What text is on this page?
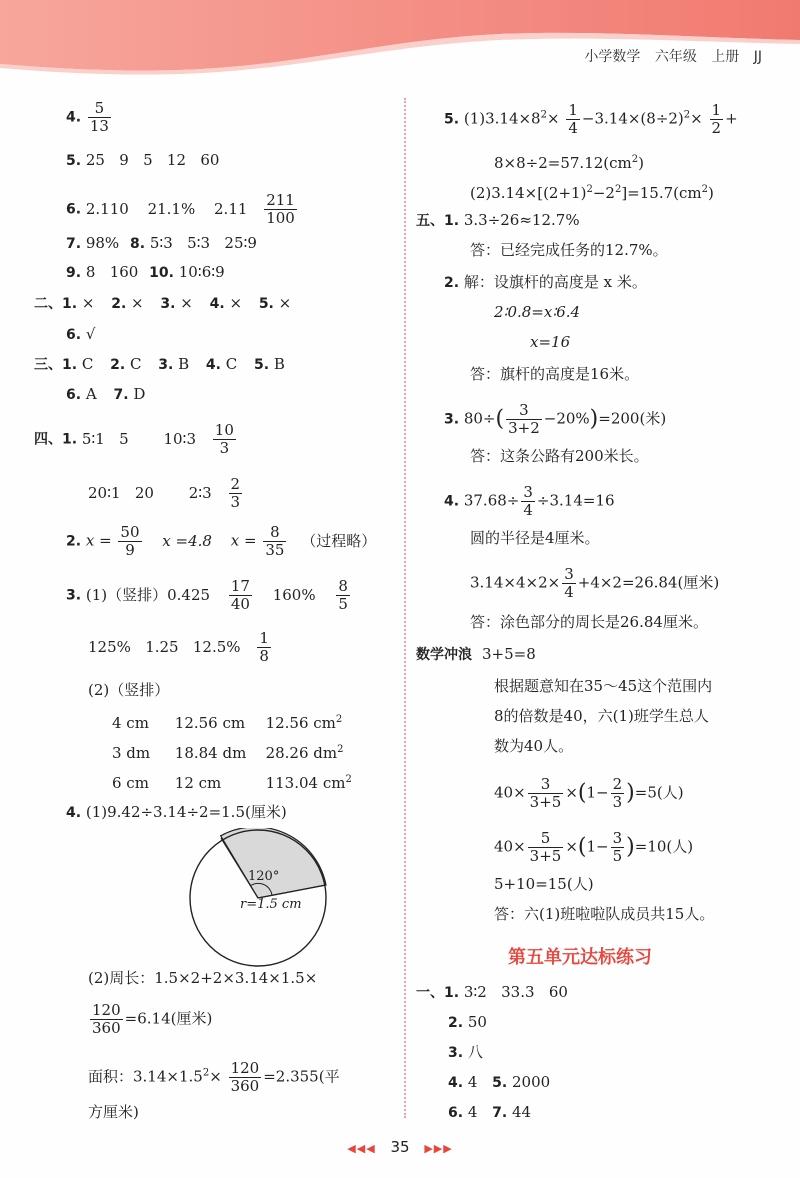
小学数学 六年级 上册 JJ
4. $\frac{5}{13}$
5. 25   9   5   12   60
6. 2.110 21.1% $2.11 \frac{211}{100}$
7. 98% 8. 5∶3   5∶3   25∶9
9. 8   160 10. 10∶6∶9
二、1. × 2. × 3. × 4. × 5. ×
6. √
三、1. C 2. C 3. B 4. C 5. B
6. A 7. D
四、1. 5∶1   5 10∶3 $\frac{10}{3}$
20∶1   20 2∶3 $\frac{2}{3}$
2. $x = \frac{50}{9}$ x =4.8 $x = \frac{8}{35}$ （过程略）
3. (1)（竖排）$0.425 \frac{17}{40} 160\% \frac{8}{5}$
125%   1.25   $12.5\% \frac{1}{8}$
(2)（竖排）
4 cm 12.56 cm 12.56 $cm^2$
3 dm 18.84 dm 28.26 $dm^2$
6 cm 12 cm	113.04 $cm^2$
4. (1)9.42÷3.14÷2=1.5(厘米)
120°
r=1.5 cm
(2)周长：1.5×2+2×3.14×1.5×
$\frac{120}{360} =6.14$(厘米)
面积：$3.14\times 1.5^2\times \frac{120}{360} =2.355$(平
方厘米)
5. $(1)3.14\times 8^2\times \frac{1}{4} -3.14\times(8\div 2)^2\times \frac{1}{2}$ +
$8\times 8\div 2=57.12(cm^2)$
$(2)3.14\times[(2+1)^2-2^2]=15.7(cm^2)$
五、1. 3.3÷26≈12.7%
答：已经完成任务的12.7%。
2. 解：设旗杆的高度是 x 米。
2∶0.8=x∶6.4
x=16
答：旗杆的高度是16米。
3. $80\div( \frac{3}{3+2} -20\%)=200$(米)
答：这条公路有200米长。
4. $37.68\div \frac{3}{4} \div 3.14=16$
圆的半径是4厘米。
$3.14\times 4\times 2\times \frac{3}{4} +4\times 2=26.84$(厘米)
答：涂色部分的周长是26.84厘米。
数学冲浪 3+5=8
根据题意知在35～45这个范围内
8的倍数是40，六(1)班学生总人
数为40人。
$40\times \frac{3}{3+5} \times(1- \frac{2}{3} )=5$(人)
$40\times \frac{5}{3+5} \times(1- \frac{3}{5} )=10$(人)
5+10=15(人)
答：六(1)班啦啦队成员共15人。
第五单元达标练习
一、1. 3∶2   33.3   60
2. 50
3. 八
4. 4 5. 2000
6. 4 7. 44
◀◀◀ 35 ▶▶▶
